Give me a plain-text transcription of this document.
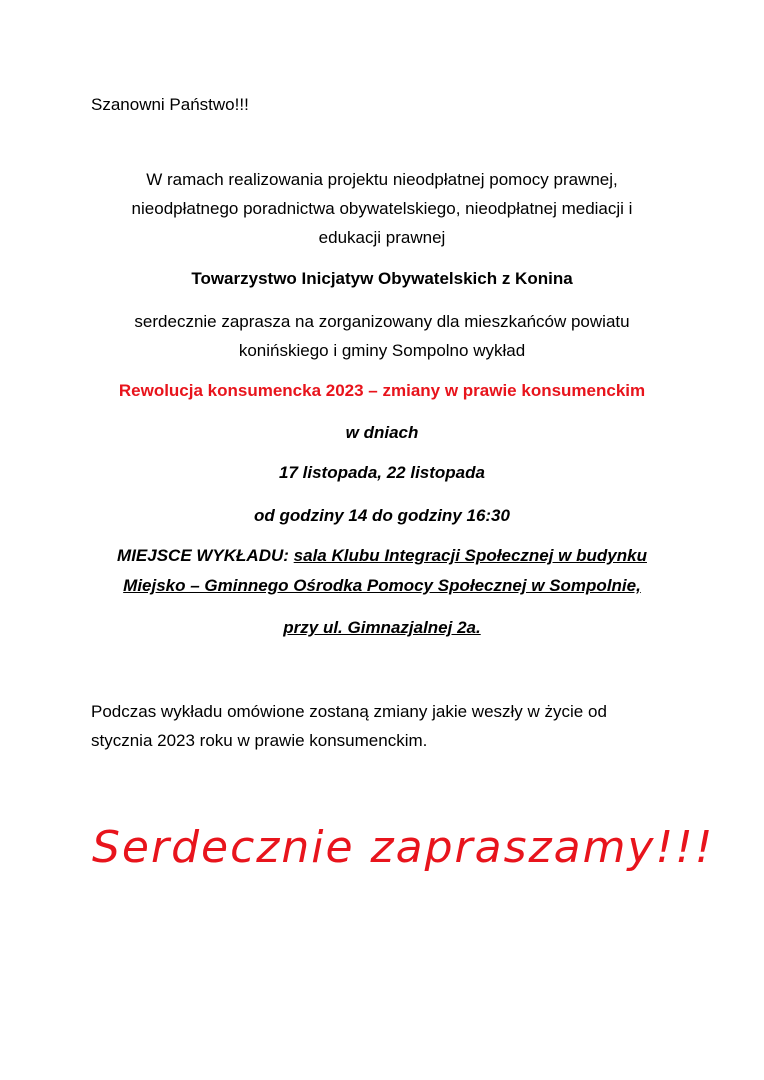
Szanowni Państwo!!!
W ramach realizowania projektu nieodpłatnej pomocy prawnej,
nieodpłatnego poradnictwa obywatelskiego, nieodpłatnej mediacji i
edukacji prawnej
Towarzystwo Inicjatyw Obywatelskich z Konina
serdecznie zaprasza na zorganizowany dla mieszkańców powiatu
konińskiego i gminy Sompolno wykład
Rewolucja konsumencka 2023 – zmiany w prawie konsumenckim
w dniach
17 listopada, 22 listopada
od godziny 14 do godziny 16:30
MIEJSCE WYKŁADU: sala Klubu Integracji Społecznej w budynku
Miejsko – Gminnego Ośrodka Pomocy Społecznej w Sompolnie,
przy ul. Gimnazjalnej 2a.
Podczas wykładu omówione zostaną zmiany jakie weszły w życie od
stycznia 2023 roku w prawie konsumenckim.
Serdecznie zapraszamy!!!
